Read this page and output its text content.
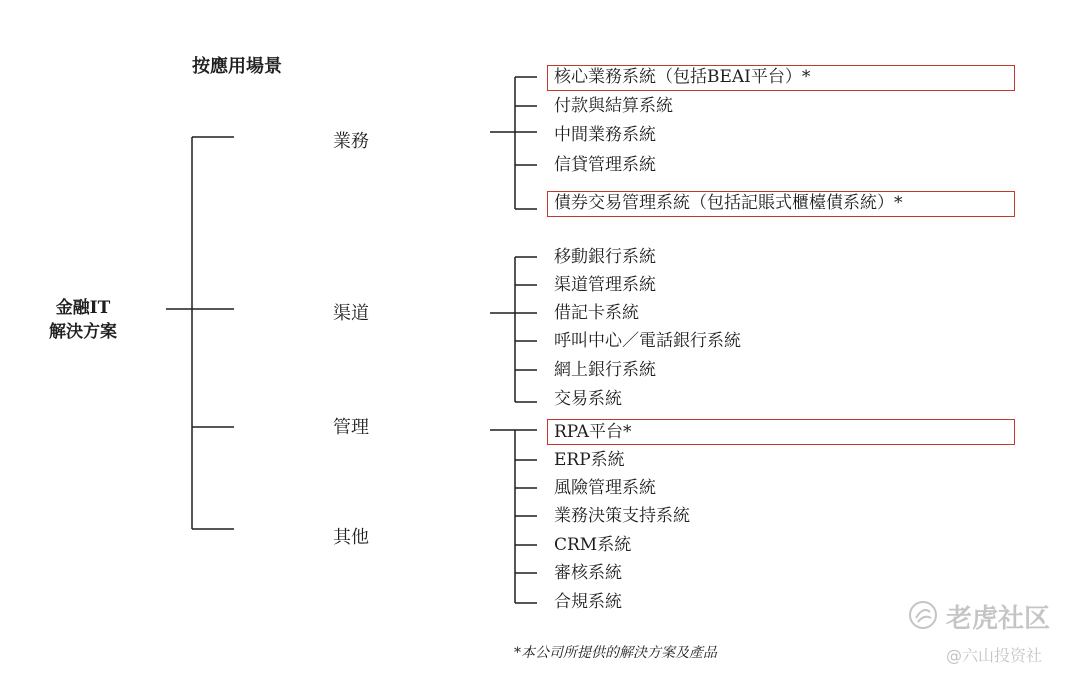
按應用場景
金融IT
解決方案
業務
渠道
管理
其他
核心業務系統（包括BEAI平台）*
付款與結算系統
中間業務系統
信貸管理系統
債券交易管理系統（包括記賬式櫃檯債系統）*
移動銀行系統
渠道管理系統
借記卡系統
呼叫中心／電話銀行系統
網上銀行系統
交易系統
RPA平台*
ERP系統
風險管理系統
業務決策支持系統
CRM系統
審核系統
合規系統
*本公司所提供的解決方案及產品
老虎社区
@六山投资社
